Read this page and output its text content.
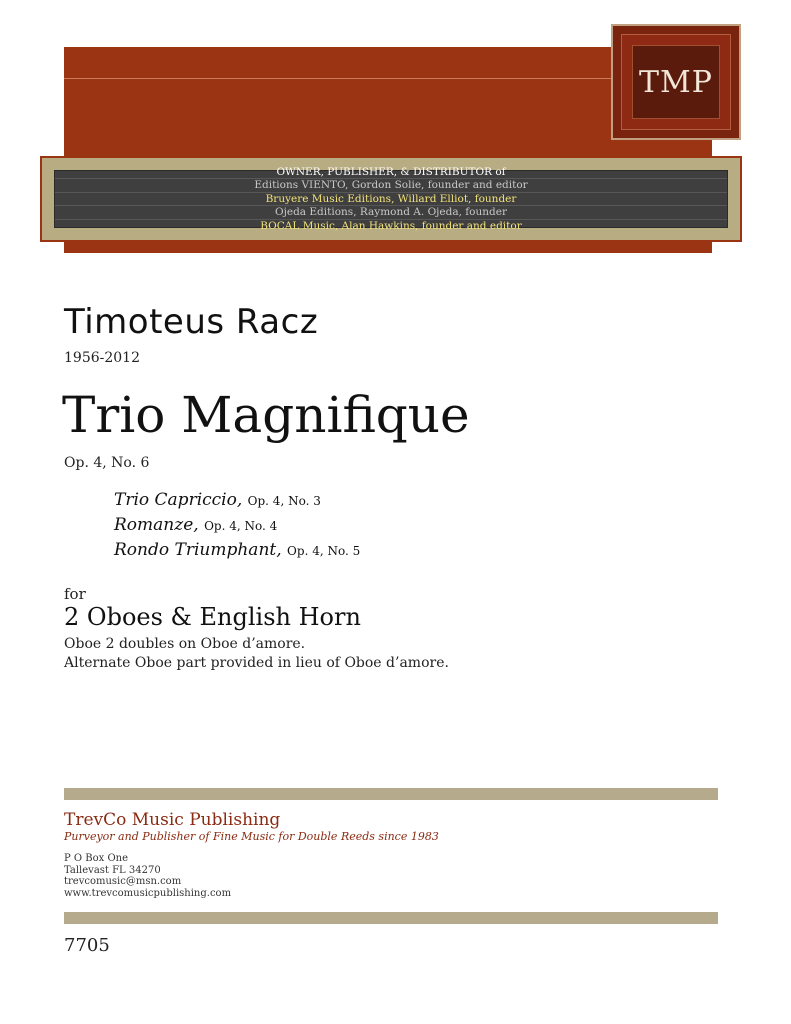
TMP
OWNER, PUBLISHER, & DISTRIBUTOR of
Editions VIENTO, Gordon Solie, founder and editor
Bruyere Music Editions, Willard Elliot, founder
Ojeda Editions, Raymond A. Ojeda, founder
BOCAL Music, Alan Hawkins, founder and editor
Timoteus Racz
1956-2012
Trio Magnifique
Op. 4, No. 6
Trio Capriccio, Op. 4, No. 3
Romanze, Op. 4, No. 4
Rondo Triumphant, Op. 4, No. 5
for
2 Oboes & English Horn
Oboe 2 doubles on Oboe d’amore.
Alternate Oboe part provided in lieu of Oboe d’amore.
TrevCo Music Publishing
Purveyor and Publisher of Fine Music for Double Reeds since 1983
P O Box One
Tallevast FL 34270
trevcomusic@msn.com
www.trevcomusicpublishing.com
7705
